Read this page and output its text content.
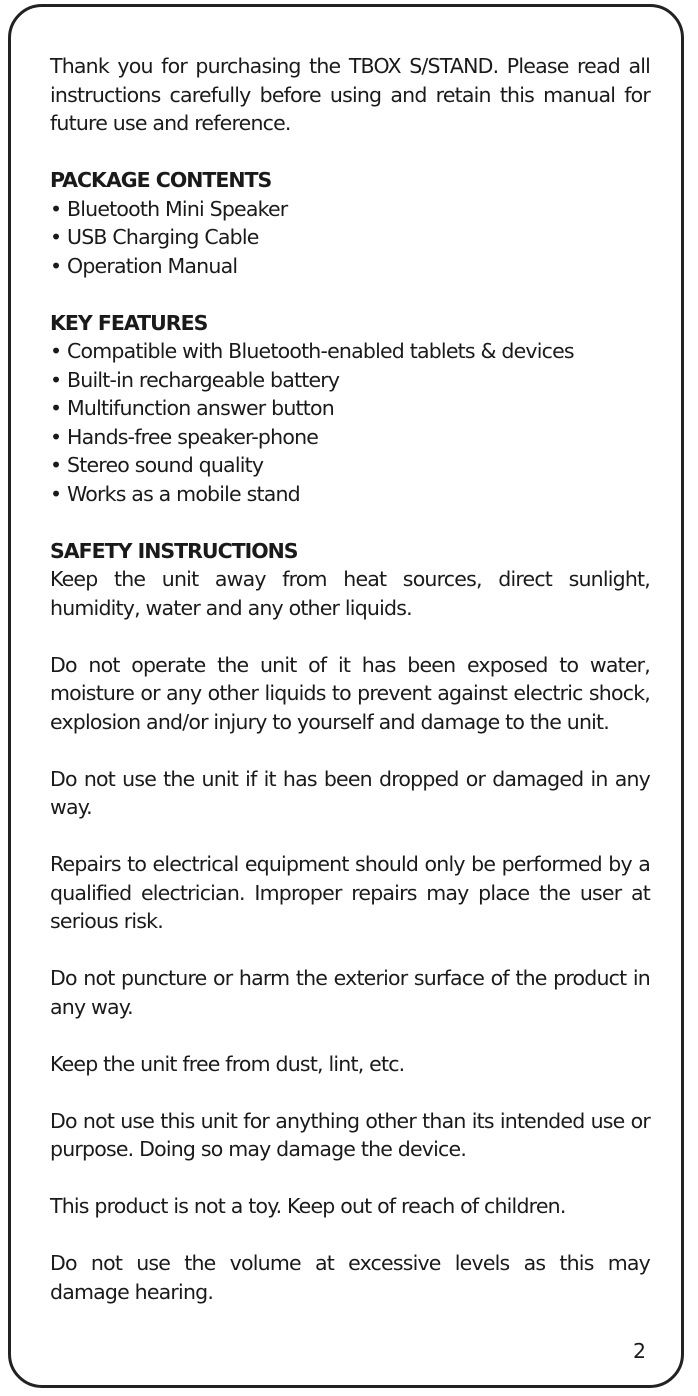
Thank you for purchasing the TBOX S/STAND. Please read all instructions carefully before using and retain this manual for future use and reference.

PACKAGE CONTENTS
• Bluetooth Mini Speaker
• USB Charging Cable
• Operation Manual
KEY FEATURES
• Compatible with Bluetooth-enabled tablets & devices
• Built-in rechargeable battery
• Multifunction answer button
• Hands-free speaker-phone
• Stereo sound quality
• Works as a mobile stand
SAFETY INSTRUCTIONS

Keep the unit away from heat sources, direct sunlight, humidity, water and any other liquids.

Do not operate the unit of it has been exposed to water, moisture or any other liquids to prevent against electric shock, explosion and/or injury to yourself and damage to the unit.

Do not use the unit if it has been dropped or damaged in any way.

Repairs to electrical equipment should only be performed by a qualified electrician. Improper repairs may place the user at serious risk.

Do not puncture or harm the exterior surface of the product in any way.

Keep the unit free from dust, lint, etc.

Do not use this unit for anything other than its intended use or purpose. Doing so may damage the device.

This product is not a toy. Keep out of reach of children.

Do not use the volume at excessive levels as this may damage hearing.

2
